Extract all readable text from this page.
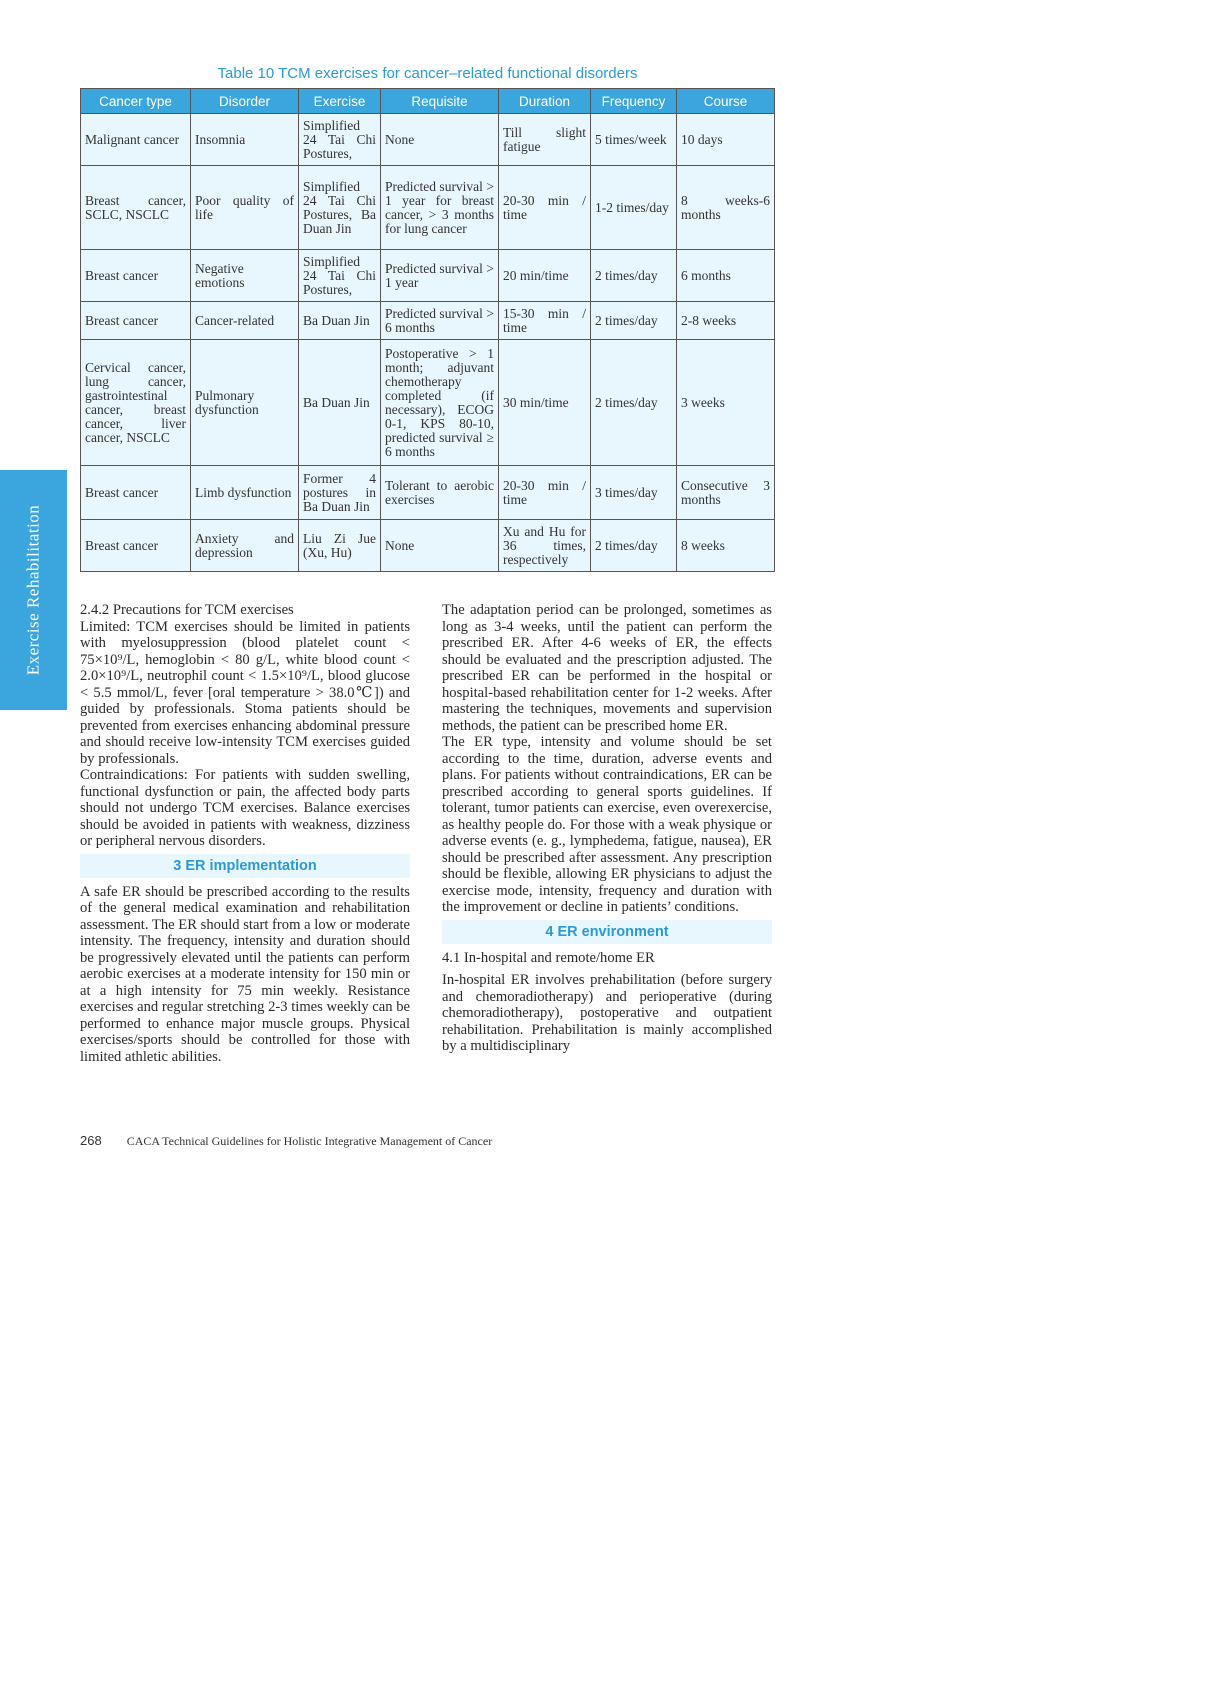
Exercise Rehabilitation
Table 10 TCM exercises for cancer–related functional disorders
Cancer type	Disorder	Exercise	Requisite	Duration	Frequency	Course
Malignant cancer	Insomnia	Simplified 24 Tai Chi Postures,	None	Till slight fatigue	5 times/week	10 days
Breast cancer, SCLC, NSCLC	Poor quality of life	Simplified 24 Tai Chi Postures, Ba Duan Jin	Predicted survival > 1 year for breast cancer, > 3 months for lung cancer	20-30 min / time	1-2 times/day	8 weeks-6 months
Breast cancer	Negative emotions	Simplified 24 Tai Chi Postures,	Predicted survival > 1 year	20 min/time	2 times/day	6 months
Breast cancer	Cancer-related	Ba Duan Jin	Predicted survival > 6 months	15-30 min / time	2 times/day	2-8 weeks
Cervical cancer, lung cancer, gastrointestinal cancer, breast cancer, liver cancer, NSCLC	Pulmonary dysfunction	Ba Duan Jin	Postoperative > 1 month; adjuvant chemotherapy completed (if necessary), ECOG 0-1, KPS 80-10, predicted survival ≥ 6 months	30 min/time	2 times/day	3 weeks
Breast cancer	Limb dysfunction	Former 4 postures in Ba Duan Jin	Tolerant to aerobic exercises	20-30 min / time	3 times/day	Consecutive 3 months
Breast cancer	Anxiety and depression	Liu Zi Jue (Xu, Hu)	None	Xu and Hu for 36 times, respectively	2 times/day	8 weeks

2.4.2 Precautions for TCM exercises

Limited: TCM exercises should be limited in patients with myelosuppression (blood platelet count < 75×10⁹/L, hemoglobin < 80 g/L, white blood count < 2.0×10⁹/L, neutrophil count < 1.5×10⁹/L, blood glucose < 5.5 mmol/L, fever [oral temperature > 38.0℃]) and guided by professionals. Stoma patients should be prevented from exercises enhancing abdominal pressure and should receive low-intensity TCM exercises guided by professionals.

Contraindications: For patients with sudden swelling, functional dysfunction or pain, the affected body parts should not undergo TCM exercises. Balance exercises should be avoided in patients with weakness, dizziness or peripheral nervous disorders.

3 ER implementation

A safe ER should be prescribed according to the results of the general medical examination and rehabilitation assessment. The ER should start from a low or moderate intensity. The frequency, intensity and duration should be progressively elevated until the patients can perform aerobic exercises at a moderate intensity for 150 min or at a high intensity for 75 min weekly. Resistance exercises and regular stretching 2-3 times weekly can be performed to enhance major muscle groups. Physical exercises/sports should be controlled for those with limited athletic abilities.

The adaptation period can be prolonged, sometimes as long as 3-4 weeks, until the patient can perform the prescribed ER. After 4-6 weeks of ER, the effects should be evaluated and the prescription adjusted. The prescribed ER can be performed in the hospital or hospital-based rehabilitation center for 1-2 weeks. After mastering the techniques, movements and supervision methods, the patient can be prescribed home ER.

The ER type, intensity and volume should be set according to the time, duration, adverse events and plans. For patients without contraindications, ER can be prescribed according to general sports guidelines. If tolerant, tumor patients can exercise, even overexercise, as healthy people do. For those with a weak physique or adverse events (e. g., lymphedema, fatigue, nausea), ER should be prescribed after assessment. Any prescription should be flexible, allowing ER physicians to adjust the exercise mode, intensity, frequency and duration with the improvement or decline in patients’ conditions.

4 ER environment

4.1 In-hospital and remote/home ER

In-hospital ER involves prehabilitation (before surgery and chemoradiotherapy) and perioperative (during chemoradiotherapy), postoperative and outpatient rehabilitation. Prehabilitation is mainly accomplished by a multidisciplinary

268 CACA Technical Guidelines for Holistic Integrative Management of Cancer
